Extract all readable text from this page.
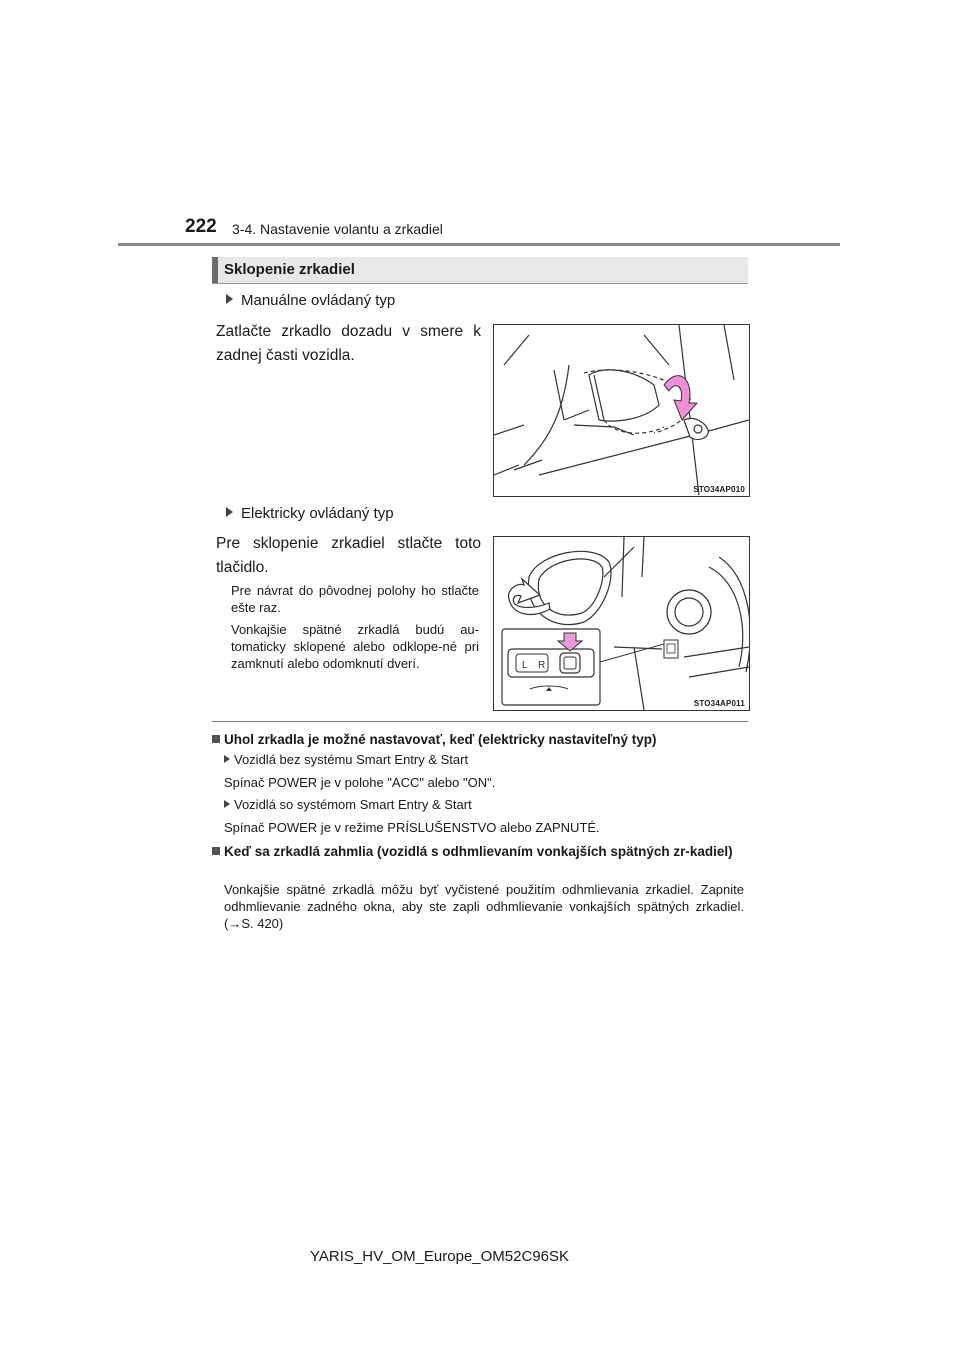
222 3-4. Nastavenie volantu a zrkadiel
Sklopenie zrkadiel
Manuálne ovládaný typ
Zatlačte zrkadlo dozadu v smere k zadnej časti vozidla.
STO34AP010
Elektricky ovládaný typ
Pre sklopenie zrkadiel stlačte toto tlačidlo.
Pre návrat do pôvodnej polohy ho stlačte ešte raz.
Vonkajšie spätné zrkadlá budú au-tomaticky sklopené alebo odklope-né pri zamknutí alebo odomknutí dverí.	L R
STO34AP011
Uhol zrkadla je možné nastavovať, keď (elektricky nastaviteľný typ)
Vozidlá bez systému Smart Entry & Start
Spínač POWER je v polohe "ACC" alebo "ON".
Vozidlá so systémom Smart Entry & Start
Spínač POWER je v režime PRÍSLUŠENSTVO alebo ZAPNUTÉ.
Keď sa zrkadlá zahmlia (vozidlá s odhmlievaním vonkajších spätných zr-kadiel)
Vonkajšie spätné zrkadlá môžu byť vyčistené použitím odhmlievania zrkadiel. Zapnite odhmlievanie zadného okna, aby ste zapli odhmlievanie vonkajších spätných zrkadiel. (→S. 420)
YARIS_HV_OM_Europe_OM52C96SK
